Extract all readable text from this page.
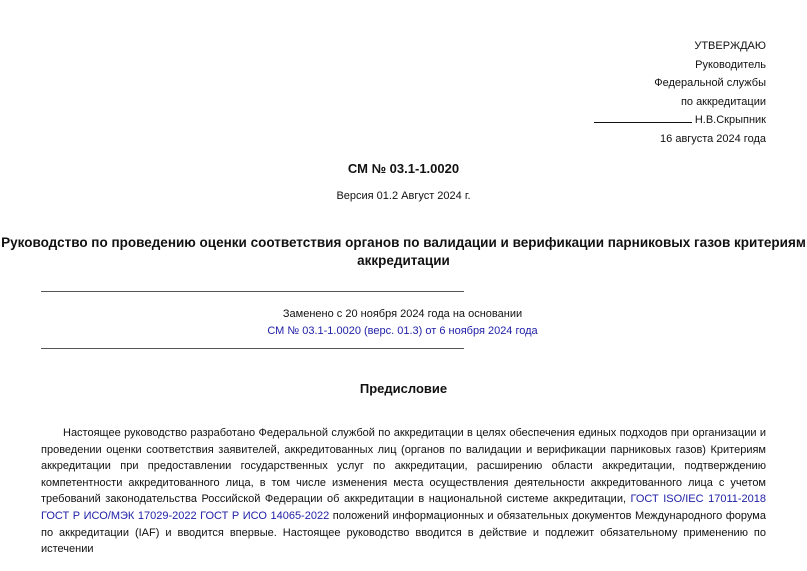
УТВЕРЖДАЮ
Руководитель
Федеральной службы
по аккредитации
Н.В.Скрыпник
16 августа 2024 года
СМ № 03.1-1.0020
Версия 01.2 Август 2024 г.
Руководство по проведению оценки соответствия органов по валидации и верификации парниковых газов критериям аккредитации
Заменено с 20 ноября 2024 года на основании
СМ № 03.1-1.0020 (верс. 01.3) от 6 ноября 2024 года
Предисловие
Настоящее руководство разработано Федеральной службой по аккредитации в целях обеспечения единых подходов при организации и проведении оценки соответствия заявителей, аккредитованных лиц (органов по валидации и верификации парниковых газов) Критериям аккредитации при предоставлении государственных услуг по аккредитации, расширению области аккредитации, подтверждению компетентности аккредитованного лица, в том числе изменения места осуществления деятельности аккредитованного лица с учетом требований законодательства Российской Федерации об аккредитации в национальной системе аккредитации, ГОСТ ISO/IEC 17011-2018 ГОСТ Р ИСО/МЭК 17029-2022 ГОСТ Р ИСО 14065-2022 положений информационных и обязательных документов Международного форума по аккредитации (IAF) и вводится впервые. Настоящее руководство вводится в действие и подлежит обязательному применению по истечении
